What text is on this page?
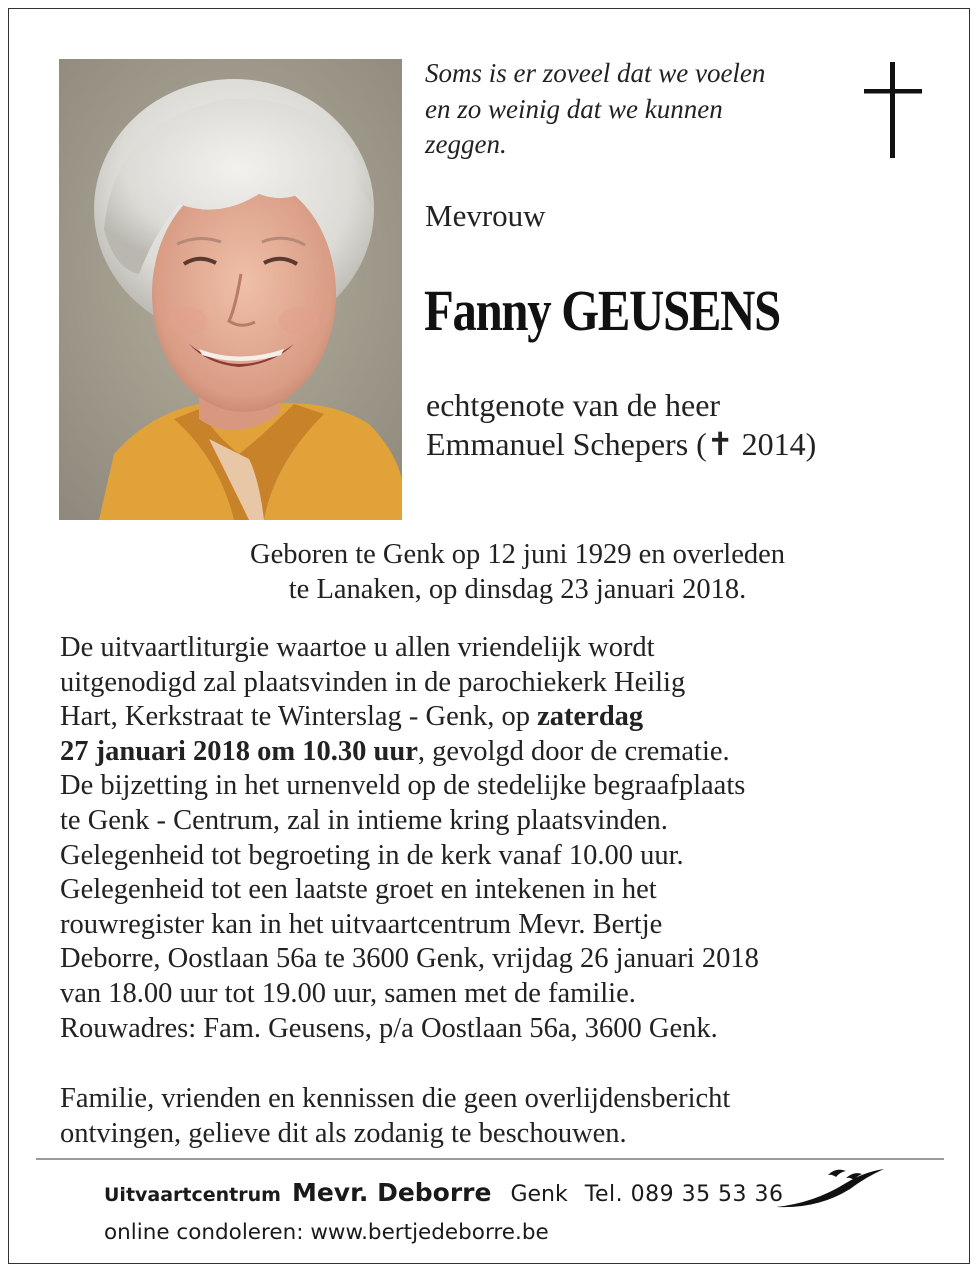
Soms is er zoveel dat we voelen
en zo weinig dat we kunnen
zeggen.
Mevrouw
Fanny GEUSENS
echtgenote van de heer
Emmanuel Schepers (✝ 2014)
Geboren te Genk op 12 juni 1929 en overleden
te Lanaken, op dinsdag 23 januari 2018.
De uitvaartliturgie waartoe u allen vriendelijk wordt
uitgenodigd zal plaatsvinden in de parochiekerk Heilig
Hart, Kerkstraat te Winterslag - Genk, op zaterdag
27 januari 2018 om 10.30 uur, gevolgd door de crematie.
De bijzetting in het urnenveld op de stedelijke begraafplaats
te Genk - Centrum, zal in intieme kring plaatsvinden.
Gelegenheid tot begroeting in de kerk vanaf 10.00 uur.
Gelegenheid tot een laatste groet en intekenen in het
rouwregister kan in het uitvaartcentrum Mevr. Bertje
Deborre, Oostlaan 56a te 3600 Genk, vrijdag 26 januari 2018
van 18.00 uur tot 19.00 uur, samen met de familie.
Rouwadres: Fam. Geusens, p/a Oostlaan 56a, 3600 Genk.
Familie, vrienden en kennissen die geen overlijdensbericht
ontvingen, gelieve dit als zodanig te beschouwen.
Uitvaartcentrum Mevr. Deborre Genk Tel. 089 35 53 36
online condoleren: www.bertjedeborre.be
